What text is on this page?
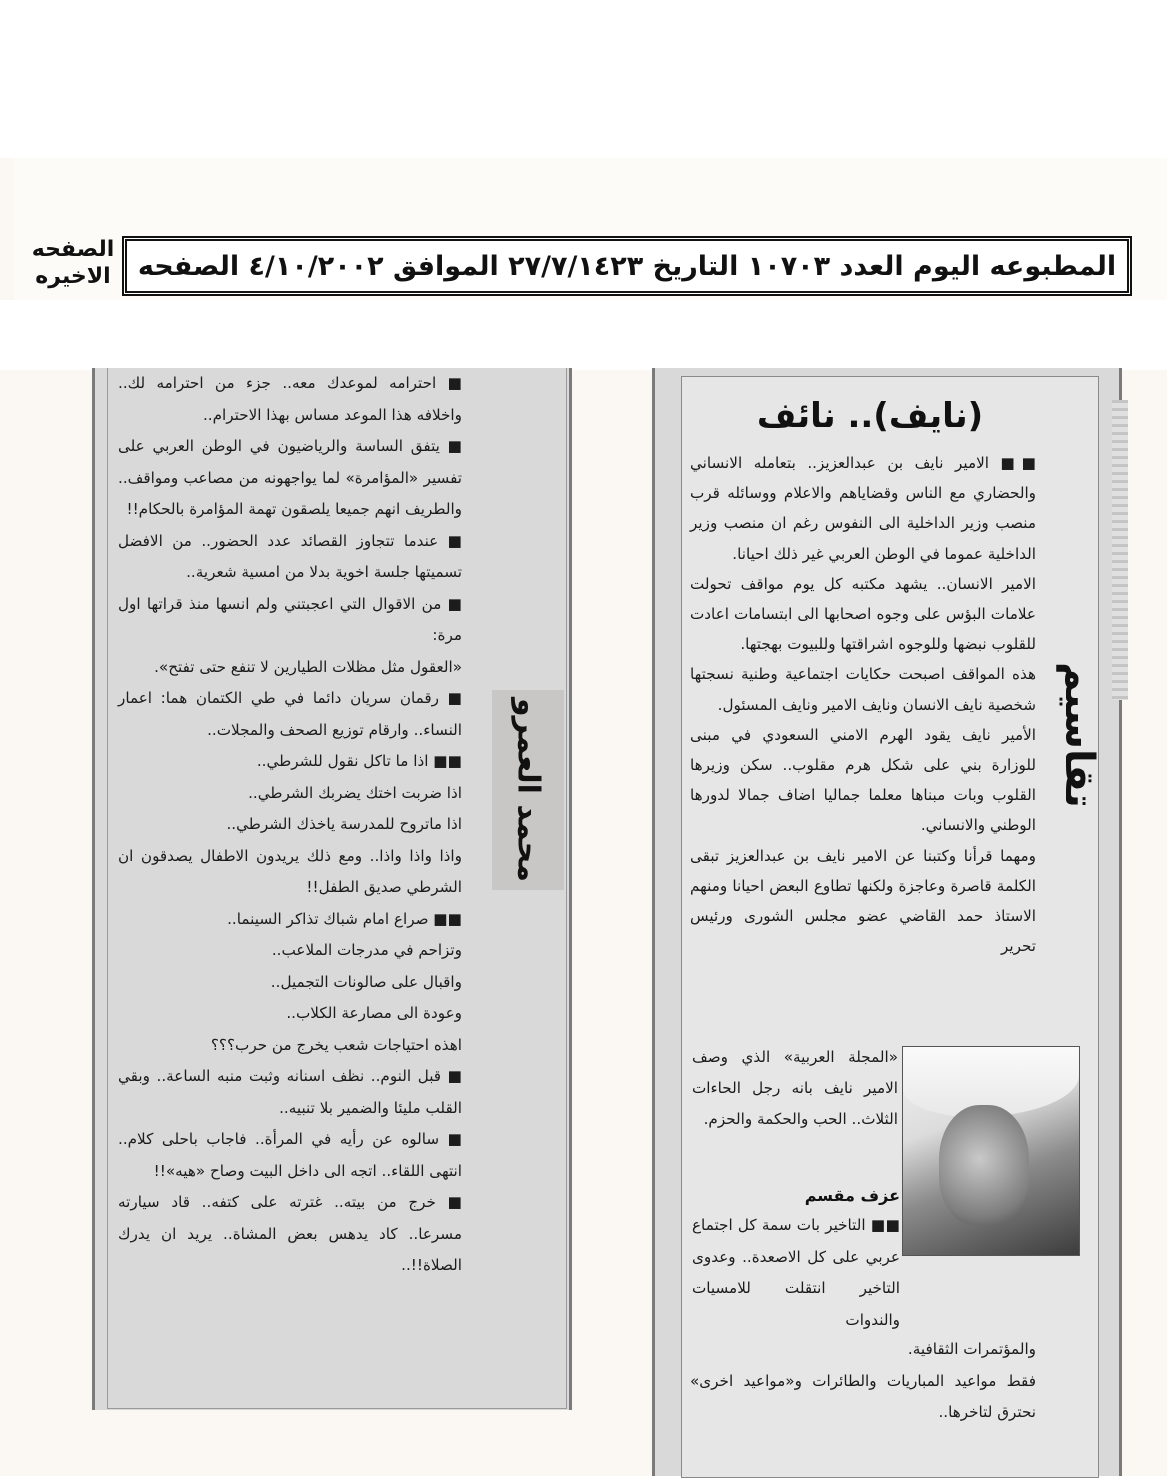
الصفحه الاخيره المطبوعه اليوم العدد ١٠٧٠٣ التاريخ ٢٧/٧/١٤٢٣ الموافق ٤/١٠/٢٠٠٢ الصفحه
محمد العمرو

■ احترامه لموعدك معه.. جزء من احترامه لك.. واخلافه هذا الموعد مساس بهذا الاحترام..

■ يتفق الساسة والرياضيون في الوطن العربي على تفسير «المؤامرة» لما يواجهونه من مصاعب ومواقف.. والطريف انهم جميعا يلصقون تهمة المؤامرة بالحكام!!

■ عندما تتجاوز القصائد عدد الحضور.. من الافضل تسميتها جلسة اخوية بدلا من امسية شعرية..

■ من الاقوال التي اعجبتني ولم انسها منذ قراتها اول مرة:

«العقول مثل مظلات الطيارين لا تنفع حتى تفتح».

■ رقمان سريان دائما في طي الكتمان هما: اعمار النساء.. وارقام توزيع الصحف والمجلات..

■■ اذا ما تاكل نقول للشرطي..

اذا ضربت اختك يضربك الشرطي..

اذا ماتروح للمدرسة ياخذك الشرطي..

واذا واذا واذا.. ومع ذلك يريدون الاطفال يصدقون ان الشرطي صديق الطفل!!

■■ صراع امام شباك تذاكر السينما..

وتزاحم في مدرجات الملاعب..

واقبال على صالونات التجميل..

وعودة الى مصارعة الكلاب..

اهذه احتياجات شعب يخرج من حرب؟؟؟

■ قبل النوم.. نظف اسنانه وثبت منبه الساعة.. وبقي القلب مليئا والضمير بلا تنبيه..

■ سالوه عن رأيه في المرأة.. فاجاب باحلى كلام.. انتهى اللقاء.. اتجه الى داخل البيت وصاح «هيه»!!

■ خرج من بيته.. غترته على كتفه.. قاد سيارته مسرعا.. كاد يدهس بعض المشاة.. يريد ان يدرك الصلاة!!..

(نايف).. نائف
تقاسيم

■■ الامير نايف بن عبدالعزيز.. بتعامله الانساني والحضاري مع الناس وقضاياهم والاعلام ووسائله قرب منصب وزير الداخلية الى النفوس رغم ان منصب وزير الداخلية عموما في الوطن العربي غير ذلك احيانا.

الامير الانسان.. يشهد مكتبه كل يوم مواقف تحولت علامات البؤس على وجوه اصحابها الى ابتسامات اعادت للقلوب نبضها وللوجوه اشراقتها وللبيوت بهجتها.

هذه المواقف اصبحت حكايات اجتماعية وطنية نسجتها شخصية نايف الانسان ونايف الامير ونايف المسئول.

الأمير نايف يقود الهرم الامني السعودي في مبنى للوزارة بني على شكل هرم مقلوب.. سكن وزيرها القلوب وبات مبناها معلما جماليا اضاف جمالا لدورها الوطني والانساني.

ومهما قرأنا وكتبنا عن الامير نايف بن عبدالعزيز تبقى الكلمة قاصرة وعاجزة ولكنها تطاوع البعض احيانا ومنهم الاستاذ حمد القاضي عضو مجلس الشورى ورئيس تحرير

«المجلة العربية» الذي وصف الامير نايف بانه رجل الحاءات الثلاث.. الحب والحكمة والحزم.

عزف مقسم

■■ التاخير بات سمة كل اجتماع عربي على كل الاصعدة.. وعدوى التاخير انتقلت للامسيات والندوات

والمؤتمرات الثقافية.

فقط مواعيد المباريات والطائرات و«مواعيد اخرى» نحترق لتاخرها..
